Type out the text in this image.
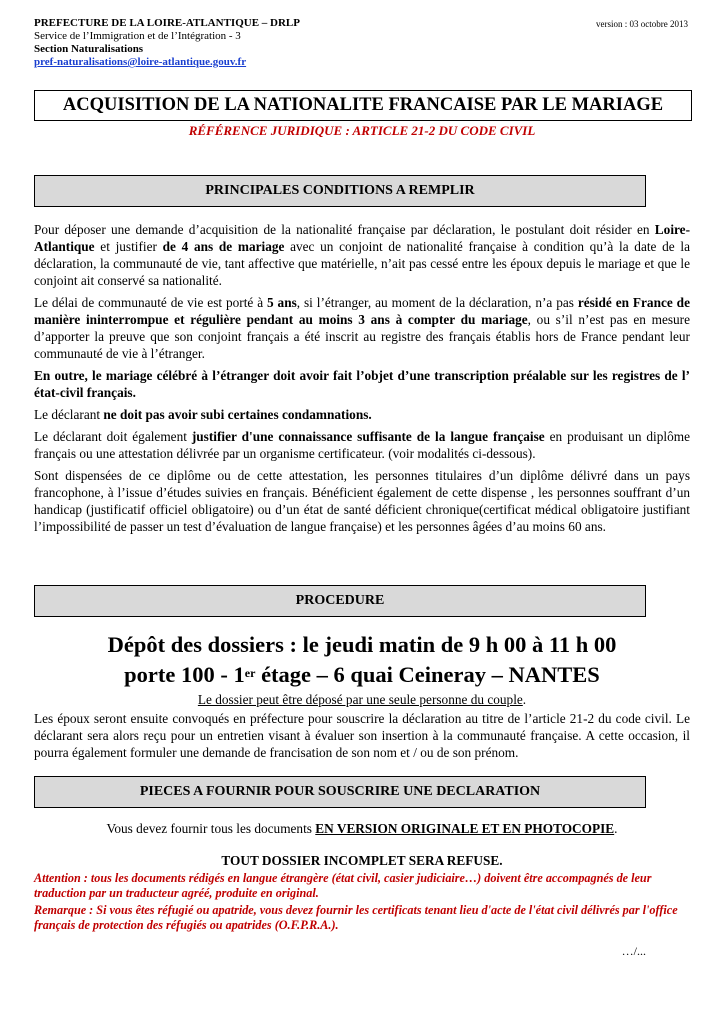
PREFECTURE DE LA LOIRE-ATLANTIQUE – DRLP
Service de l’Immigration et de l’Intégration - 3
Section Naturalisations
pref-naturalisations@loire-atlantique.gouv.fr
version : 03 octobre 2013
ACQUISITION DE LA NATIONALITE FRANCAISE PAR LE MARIAGE
RÉFÉRENCE JURIDIQUE : ARTICLE 21-2 DU CODE CIVIL
PRINCIPALES CONDITIONS A REMPLIR

Pour déposer une demande d’acquisition de la nationalité française par déclaration, le postulant doit résider en Loire-Atlantique et justifier de 4 ans de mariage avec un conjoint de nationalité française à condition qu’à la date de la déclaration, la communauté de vie, tant affective que matérielle, n’ait pas cessé entre les époux depuis le mariage et que le conjoint ait conservé sa nationalité.

Le délai de communauté de vie est porté à 5 ans, si l’étranger, au moment de la déclaration, n’a pas résidé en France de manière ininterrompue et régulière pendant au moins 3 ans à compter du mariage, ou s’il n’est pas en mesure d’apporter la preuve que son conjoint français a été inscrit au registre des français établis hors de France pendant leur communauté de vie à l’étranger.

En outre, le mariage célébré à l’étranger doit avoir fait l’objet d’une transcription préalable sur les registres de l’ état-civil français.

Le déclarant ne doit pas avoir subi certaines condamnations.

Le déclarant doit également justifier d'une connaissance suffisante de la langue française en produisant un diplôme français ou une attestation délivrée par un organisme certificateur. (voir modalités ci-dessous).

Sont dispensées de ce diplôme ou de cette attestation, les personnes titulaires d’un diplôme délivré dans un pays francophone, à l’issue d’études suivies en français. Bénéficient également de cette dispense , les personnes souffrant d’un handicap (justificatif officiel obligatoire) ou d’un état de santé déficient chronique(certificat médical obligatoire justifiant l’impossibilité de passer un test d’évaluation de langue française) et les personnes âgées d’au moins 60 ans.

PROCEDURE
Dépôt des dossiers : le jeudi matin de 9 h 00 à 11 h 00
porte 100 - 1er étage – 6 quai Ceineray – NANTES
Le dossier peut être déposé par une seule personne du couple.

Les époux seront ensuite convoqués en préfecture pour souscrire la déclaration au titre de l’article 21-2 du code civil. Le déclarant sera alors reçu pour un entretien visant à évaluer son insertion à la communauté française. A cette occasion, il pourra également formuler une demande de francisation de son nom et / ou de son prénom.

PIECES A FOURNIR POUR SOUSCRIRE UNE DECLARATION
Vous devez fournir tous les documents EN VERSION ORIGINALE ET EN PHOTOCOPIE.
TOUT DOSSIER INCOMPLET SERA REFUSE.

Attention : tous les documents rédigés en langue étrangère (état civil, casier judiciaire…) doivent être accompagnés de leur traduction par un traducteur agréé, produite en original.

Remarque : Si vous êtes réfugié ou apatride, vous devez fournir les certificats tenant lieu d'acte de l'état civil délivrés par l'office français de protection des réfugiés ou apatrides (O.F.P.R.A.).

…/...
